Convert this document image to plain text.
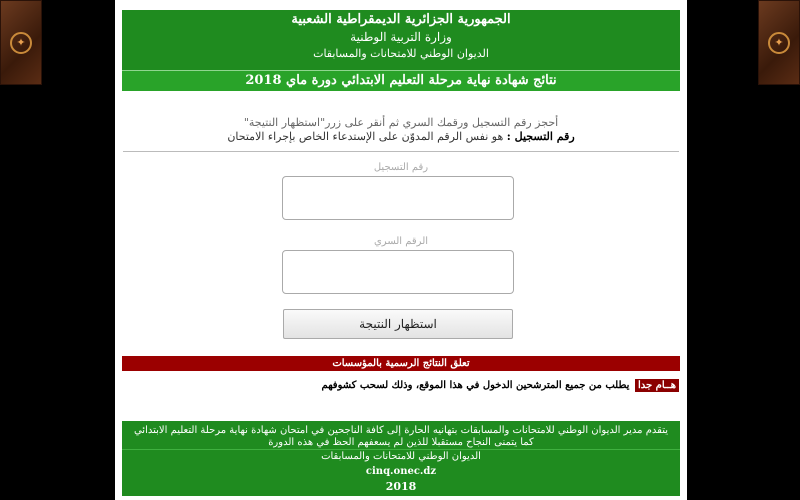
✦	✦
الجمهورية الجزائرية الديمقراطية الشعبية
وزارة التربية الوطنية
الديوان الوطني للامتحانات والمسابقات
نتائج شهادة نهاية مرحلة التعليم الابتدائي دورة ماي 2018
أحجز رقم التسجيل ورقمك السري ثم أنقر على زرر"استظهار النتيجة"
رقم التسجيل : هو نفس الرقم المدوّن على الإستدعاء الخاص بإجراء الامتحان
رقم التسجيل
الرقم السري
استظهار النتيجة
تعلق النتائج الرسمية بالمؤسسات
هــام جدا يطلب من جميع المترشحين الدخول في هذا الموقع، وذلك لسحب كشوفهم
يتقدم مدير الديوان الوطني للامتحانات والمسابقات بتهانيه الحارة إلى كافة الناجحين في امتحان شهادة نهاية مرحلة التعليم الابتدائي
كما يتمنى النجاح مستقبلا للذين لم يسعفهم الحظ في هذه الدورة
الديوان الوطني للامتحانات والمسابقات
cinq.onec.dz
2018
